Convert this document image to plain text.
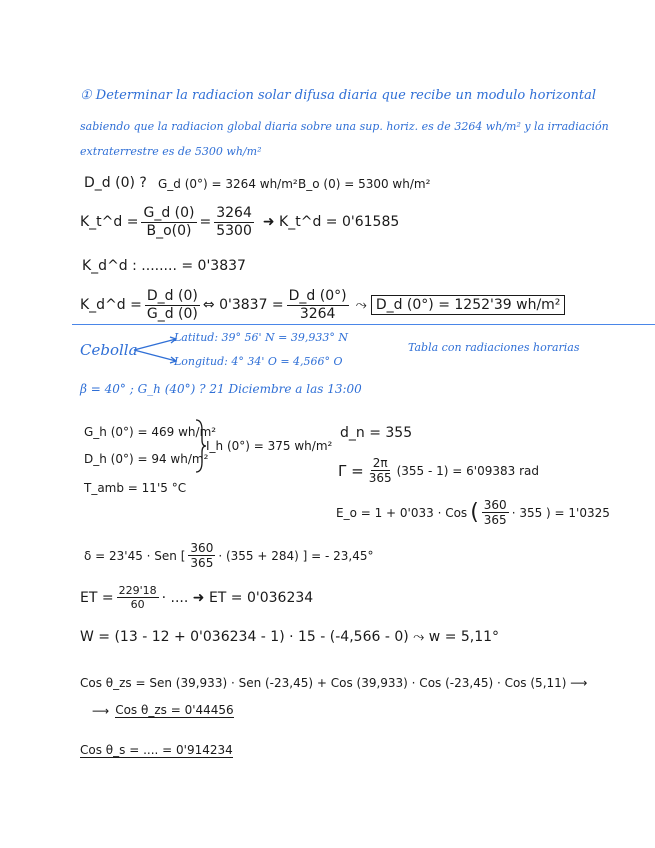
① Determinar la radiacion solar difusa diaria que recibe un modulo horizontal
sabiendo que la radiacion global diaria sobre una sup. horiz. es de 3264 wh/m² y la irradiación
extraterrestre es de 5300 wh/m²
D_d (0) ? G_d (0°) = 3264 wh/m² B_o (0) = 5300 wh/m²
K_t^d = $\frac{G\_d (0)}{B\_o(0)} = \frac{3264}{5300}$ ➜ K_t^d = 0'61585
K_d^d : ........ = 0'3837
K_d^d = $\frac{D\_d (0)}{G\_d (0)}$ ⇔ $0'3837 = \frac{D\_d (0^\circ)}{3264}$ ⤳ D_d (0°) = 1252'39 wh/m²
Cebolla
Latitud: 39° 56' N = 39,933° N
Longitud: 4° 34' O = 4,566° O
Tabla con radiaciones horarias
β = 40° ; G_h (40°) ? 21 Diciembre a las 13:00
G_h (0°) = 469 wh/m²
D_h (0°) = 94 wh/m²
I_h (0°) = 375 wh/m²
T_amb = 11'5 °C
d_n = 355
$\Gamma = \frac{2\pi}{365} (355 - 1) = 6'09383$ rad
E_o = 1 + 0'033 · Cos ( $\frac{360}{365} \cdot 355$ ) = 1'0325
δ = 23'45 · Sen [ $\frac{360}{365} \cdot (355 + 284)$ ] = - 23,45°
ET = $\frac{229'18}{60}$ · .... ➜ ET = 0'036234
W = (13 - 12 + 0'036234 - 1) · 15 - (-4,566 - 0) ⤳ w = 5,11°
Cos θ_zs = Sen (39,933) · Sen (-23,45) + Cos (39,933) · Cos (-23,45) · Cos (5,11) ⟶
⟶ Cos θ_zs = 0'44456
Cos θ_s = .... = 0'914234
